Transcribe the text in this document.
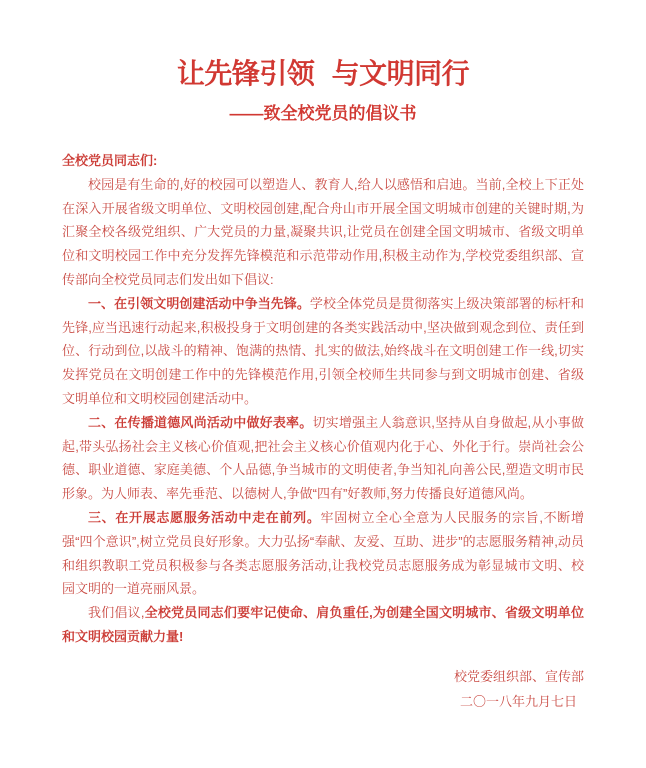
让先锋引领 与文明同行
——致全校党员的倡议书

全校党员同志们:

校园是有生命的,好的校园可以塑造人、教育人,给人以感悟和启迪。当前,全校上下正处在深入开展省级文明单位、文明校园创建,配合舟山市开展全国文明城市创建的关键时期,为汇聚全校各级党组织、广大党员的力量,凝聚共识,让党员在创建全国文明城市、省级文明单位和文明校园工作中充分发挥先锋模范和示范带动作用,积极主动作为,学校党委组织部、宣传部向全校党员同志们发出如下倡议:

一、在引领文明创建活动中争当先锋。学校全体党员是贯彻落实上级决策部署的标杆和先锋,应当迅速行动起来,积极投身于文明创建的各类实践活动中,坚决做到观念到位、责任到位、行动到位,以战斗的精神、饱满的热情、扎实的做法,始终战斗在文明创建工作一线,切实发挥党员在文明创建工作中的先锋模范作用,引领全校师生共同参与到文明城市创建、省级文明单位和文明校园创建活动中。

二、在传播道德风尚活动中做好表率。切实增强主人翁意识,坚持从自身做起,从小事做起,带头弘扬社会主义核心价值观,把社会主义核心价值观内化于心、外化于行。崇尚社会公德、职业道德、家庭美德、个人品德,争当城市的文明使者,争当知礼向善公民,塑造文明市民形象。为人师表、率先垂范、以德树人,争做“四有”好教师,努力传播良好道德风尚。

三、在开展志愿服务活动中走在前列。牢固树立全心全意为人民服务的宗旨,不断增强“四个意识”,树立党员良好形象。大力弘扬“奉献、友爱、互助、进步”的志愿服务精神,动员和组织教职工党员积极参与各类志愿服务活动,让我校党员志愿服务成为彰显城市文明、校园文明的一道亮丽风景。

我们倡议,全校党员同志们要牢记使命、肩负重任,为创建全国文明城市、省级文明单位和文明校园贡献力量!

校党委组织部、宣传部

二〇一八年九月七日
